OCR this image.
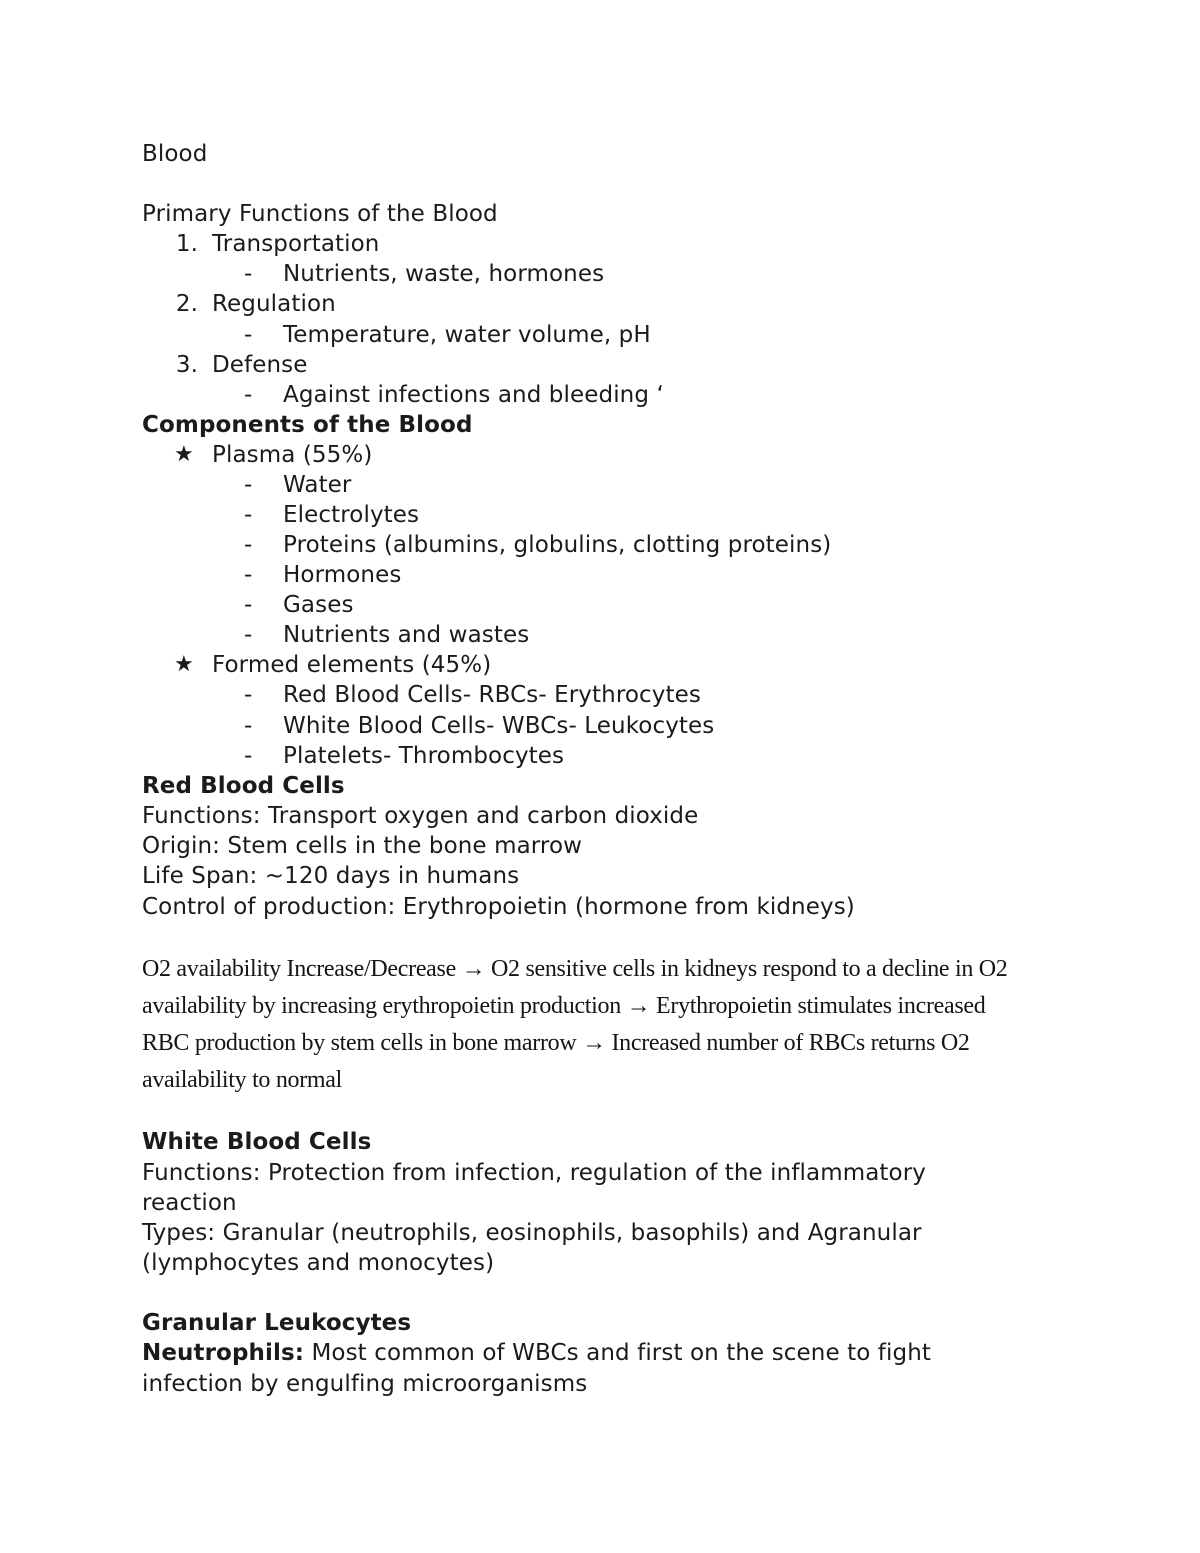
Blood
Primary Functions of the Blood
1. Transportation
- Nutrients, waste, hormones
2. Regulation
- Temperature, water volume, pH
3. Defense
- Against infections and bleeding ‘
Components of the Blood
★ Plasma (55%)
- Water
- Electrolytes
- Proteins (albumins, globulins, clotting proteins)
- Hormones
- Gases
- Nutrients and wastes
★ Formed elements (45%)
- Red Blood Cells- RBCs- Erythrocytes
- White Blood Cells- WBCs- Leukocytes
- Platelets- Thrombocytes
Red Blood Cells
Functions: Transport oxygen and carbon dioxide
Origin: Stem cells in the bone marrow
Life Span: ~120 days in humans
Control of production: Erythropoietin (hormone from kidneys)

O2 availability Increase/Decrease → O2 sensitive cells in kidneys respond to a decline in O2

availability by increasing erythropoietin production → Erythropoietin stimulates increased

RBC production by stem cells in bone marrow → Increased number of RBCs returns O2

availability to normal

White Blood Cells
Functions: Protection from infection, regulation of the inflammatory
reaction
Types: Granular (neutrophils, eosinophils, basophils) and Agranular
(lymphocytes and monocytes)
Granular Leukocytes
Neutrophils: Most common of WBCs and first on the scene to fight
infection by engulfing microorganisms
